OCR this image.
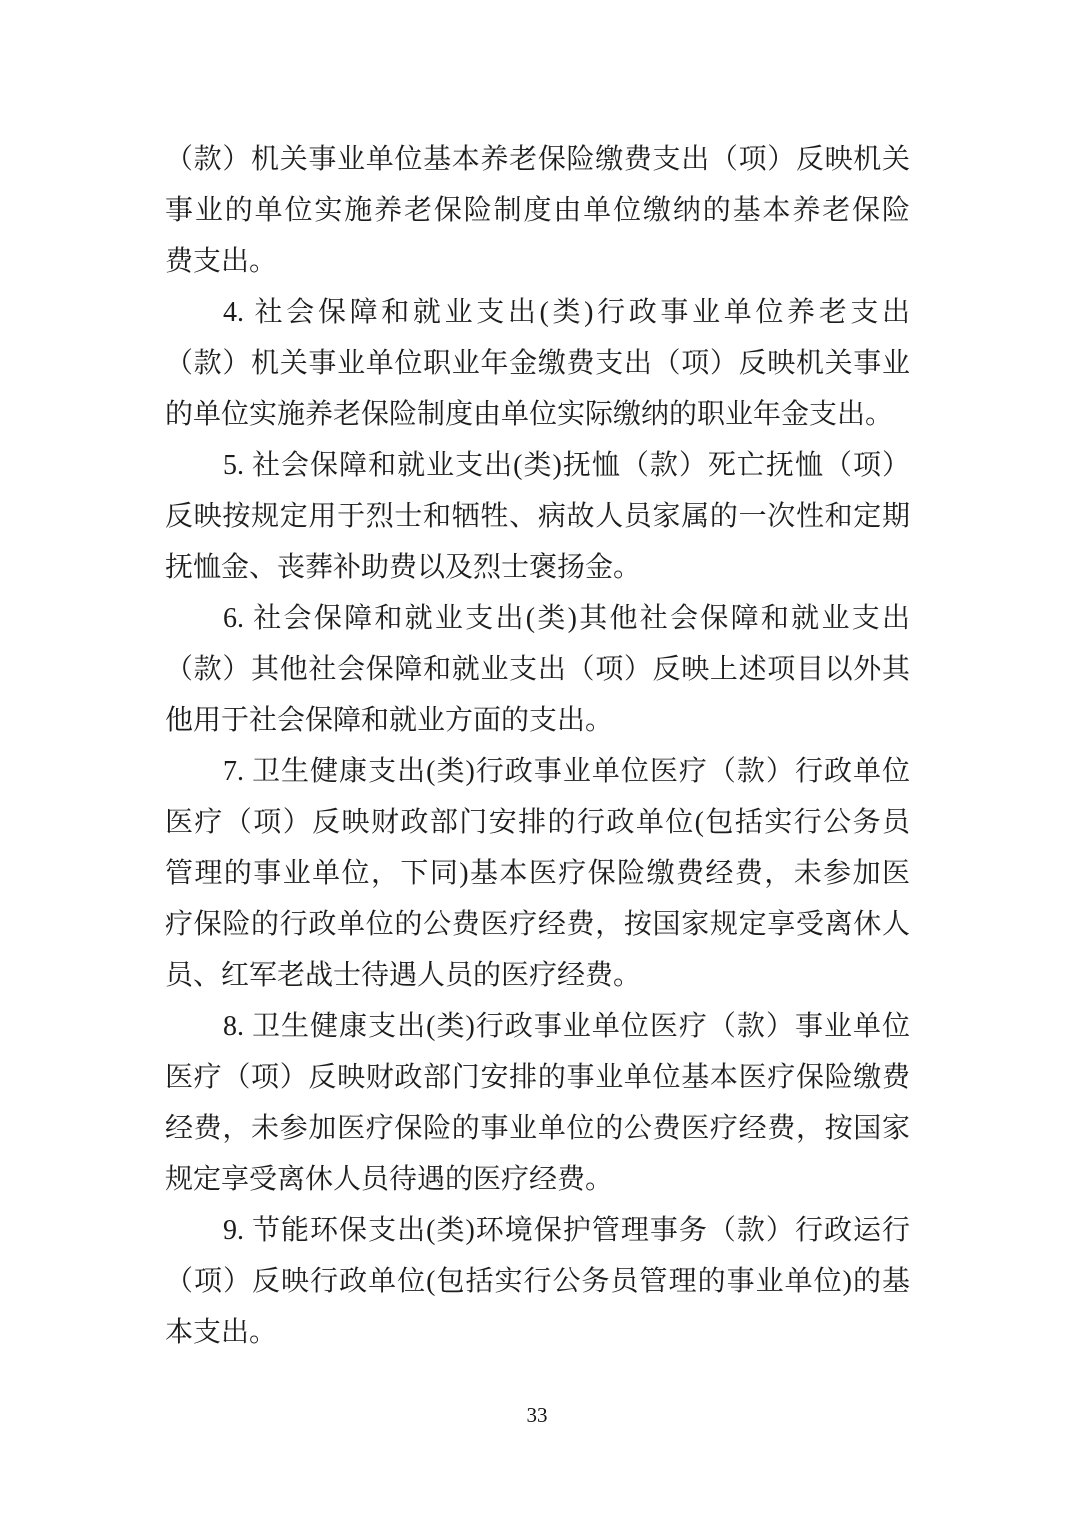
（款）机关事业单位基本养老保险缴费支出（项）反映机关
事业的单位实施养老保险制度由单位缴纳的基本养老保险
费支出。
4. 社会保障和就业支出(类)行政事业单位养老支出
（款）机关事业单位职业年金缴费支出（项）反映机关事业
的单位实施养老保险制度由单位实际缴纳的职业年金支出。
5. 社会保障和就业支出(类)抚恤（款）死亡抚恤（项）
反映按规定用于烈士和牺牲、病故人员家属的一次性和定期
抚恤金、丧葬补助费以及烈士褒扬金。
6. 社会保障和就业支出(类)其他社会保障和就业支出
（款）其他社会保障和就业支出（项）反映上述项目以外其
他用于社会保障和就业方面的支出。
7. 卫生健康支出(类)行政事业单位医疗（款）行政单位
医疗（项）反映财政部门安排的行政单位(包括实行公务员
管理的事业单位，下同)基本医疗保险缴费经费，未参加医
疗保险的行政单位的公费医疗经费，按国家规定享受离休人
员、红军老战士待遇人员的医疗经费。
8. 卫生健康支出(类)行政事业单位医疗（款）事业单位
医疗（项）反映财政部门安排的事业单位基本医疗保险缴费
经费，未参加医疗保险的事业单位的公费医疗经费，按国家
规定享受离休人员待遇的医疗经费。
9. 节能环保支出(类)环境保护管理事务（款）行政运行
（项）反映行政单位(包括实行公务员管理的事业单位)的基
本支出。
33
